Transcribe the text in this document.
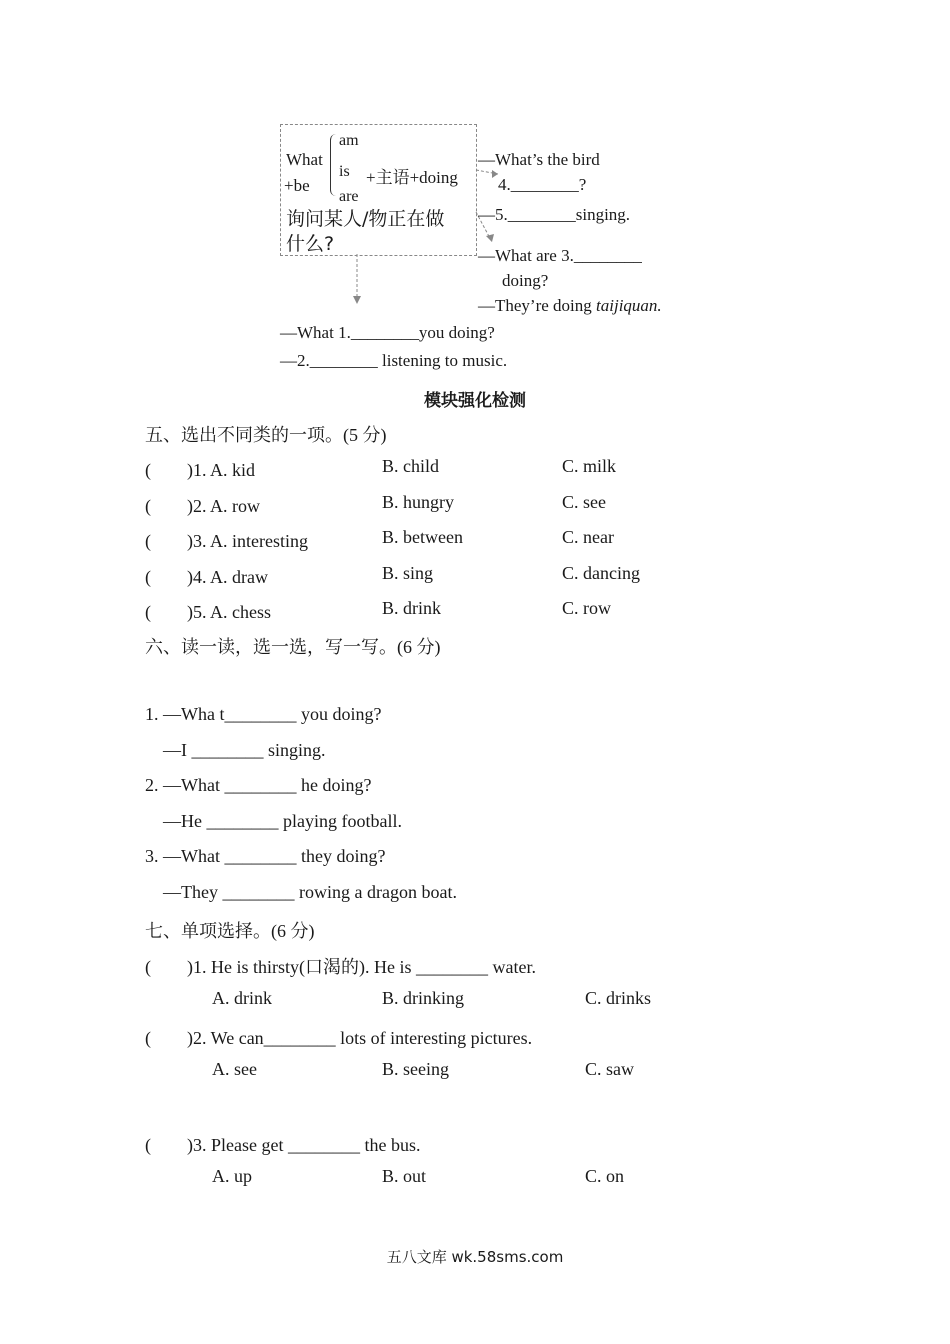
What
+be
am
is
are
+主语+doing
询问某人/物正在做
什么?
—What’s the bird
4.________?
—5.________singing.
—What are 3.________
doing?
—They’re doing taijiquan.
—What 1.________you doing?
—2.________ listening to music.
模块强化检测
五、选出不同类的一项。(5 分)
(　　)1. A. kid	B. child	C. milk
(　　)2. A. row	B. hungry	C. see
(　　)3. A. interesting	B. between	C. near
(　　)4. A. draw	B. sing	C. dancing
(　　)5. A. chess	B. drink	C. row
六、读一读，选一选，写一写。(6 分)
1. —Wha t________ you doing?
—I ________ singing.
2. —What ________ he doing?
—He ________ playing football.
3. —What ________ they doing?
—They ________ rowing a dragon boat.
七、单项选择。(6 分)
(　　)1. He is thirsty(口渴的). He is ________ water.
A. drink	B. drinking	C. drinks
(　　)2. We can________ lots of interesting pictures.
A. see	B. seeing	C. saw
(　　)3. Please get ________ the bus.
A. up	B. out	C. on
五八文库 wk.58sms.com
